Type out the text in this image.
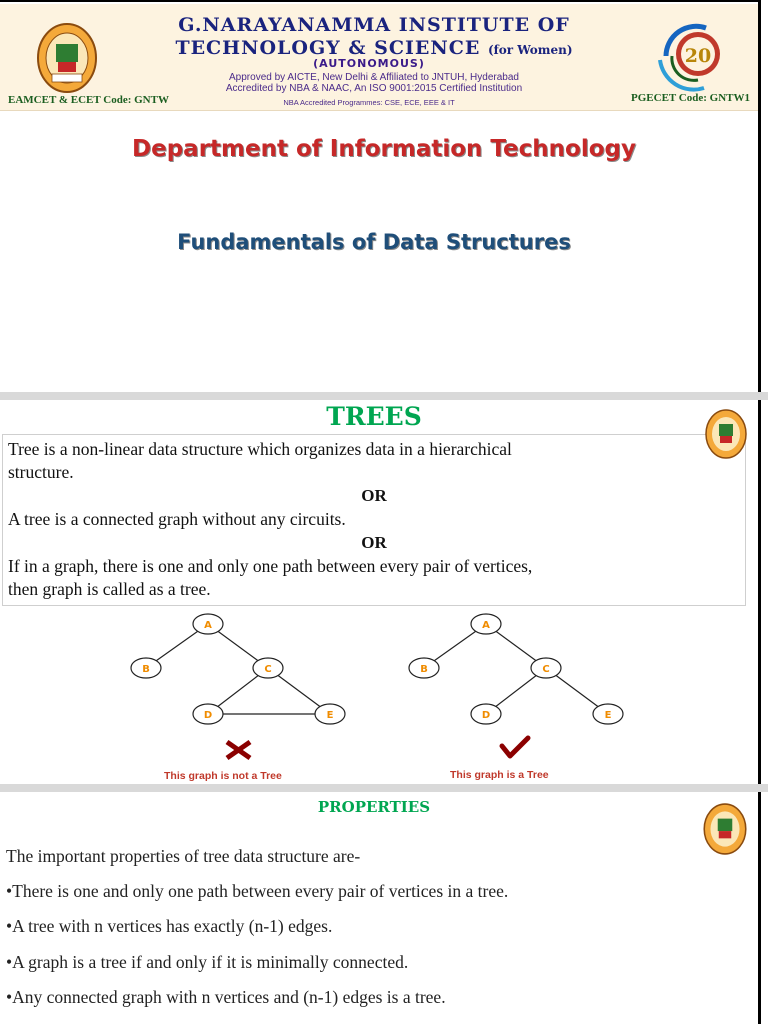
G.NARAYANAMMA INSTITUTE OF
TECHNOLOGY & SCIENCE (for Women)
(AUTONOMOUS)
Approved by AICTE, New Delhi & Affiliated to JNTUH, Hyderabad
Accredited by NBA & NAAC, An ISO 9001:2015 Certified Institution
NBA Accredited Programmes: CSE, ECE, EEE & IT
EAMCET & ECET Code: GNTW	PGECET Code: GNTW1
20
Department of Information Technology
Fundamentals of Data Structures
TREES
Tree is a non-linear data structure which organizes data in a hierarchical
structure.
OR
A tree is a connected graph without any circuits.
OR
If in a graph, there is one and only one path between every pair of vertices,
then graph is called as a tree.
A
B	C
D	E
A
B	C
D	E
This graph is not a Tree	This graph is a Tree
PROPERTIES
The important properties of tree data structure are-
•There is one and only one path between every pair of vertices in a tree.
•A tree with n vertices has exactly (n-1) edges.
•A graph is a tree if and only if it is minimally connected.
•Any connected graph with n vertices and (n-1) edges is a tree.
